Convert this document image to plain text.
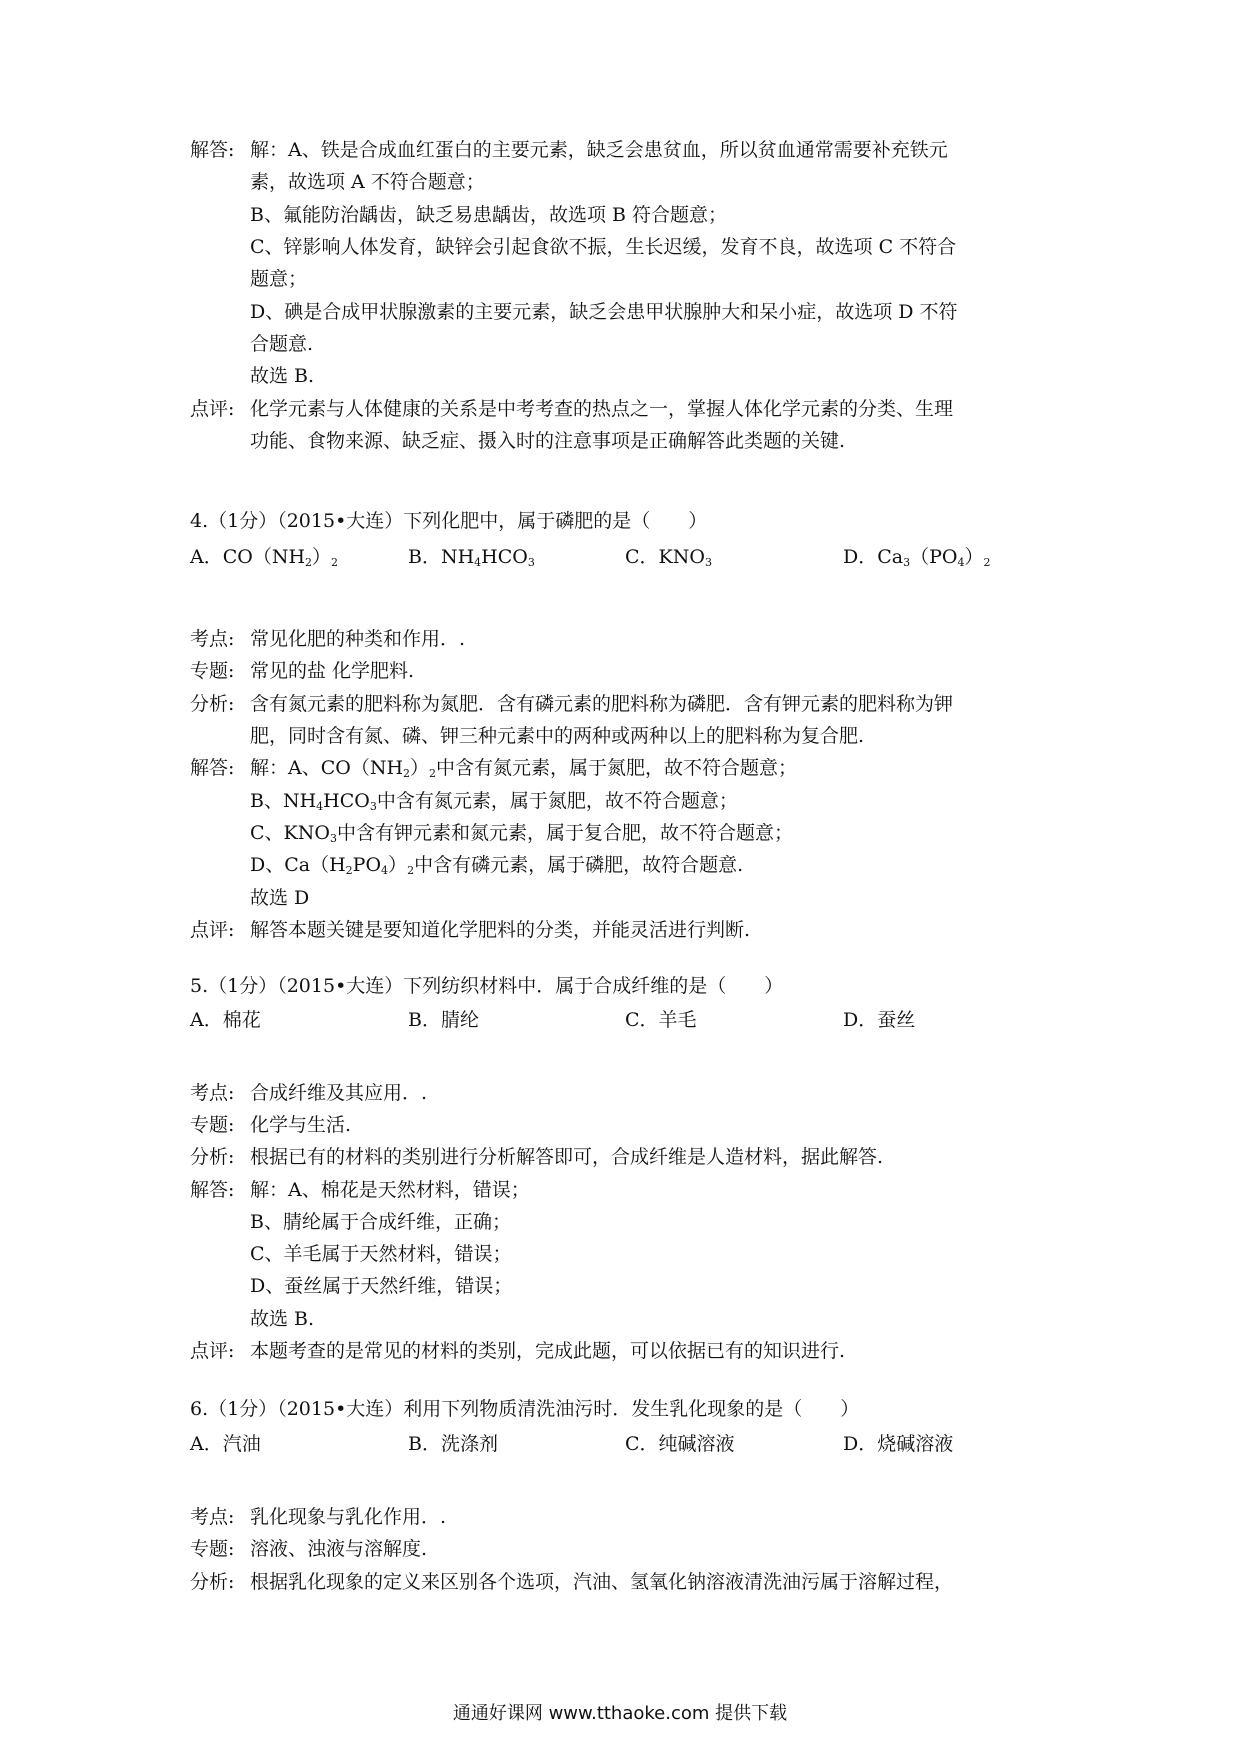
解答: 解：A、铁是合成血红蛋白的主要元素，缺乏会患贫血，所以贫血通常需要补充铁元
素，故选项 A 不符合题意；
B、氟能防治龋齿，缺乏易患龋齿，故选项 B 符合题意；
C、锌影响人体发育，缺锌会引起食欲不振，生长迟缓，发育不良，故选项 C 不符合
题意；
D、碘是合成甲状腺激素的主要元素，缺乏会患甲状腺肿大和呆小症，故选项 D 不符
合题意.
故选 B.
点评: 化学元素与人体健康的关系是中考考查的热点之一，掌握人体化学元素的分类、生理
功能、食物来源、缺乏症、摄入时的注意事项是正确解答此类题的关键.
4.（1分）（2015•大连）下列化肥中，属于磷肥的是（　　）
A．$CO(NH_2)_2$	B．$NH_4HCO_3$	C．$KNO_3$	D．$Ca_3(PO_4)_2$
考点: 常见化肥的种类和作用．.
专题: 常见的盐 化学肥料.
分析: 含有氮元素的肥料称为氮肥．含有磷元素的肥料称为磷肥．含有钾元素的肥料称为钾
肥，同时含有氮、磷、钾三种元素中的两种或两种以上的肥料称为复合肥.
解答: 解：A、$CO(NH_2)_2$中含有氮元素，属于氮肥，故不符合题意；
B、$NH_4HCO_3$中含有氮元素，属于氮肥，故不符合题意；
C、$KNO_3$中含有钾元素和氮元素，属于复合肥，故不符合题意；
D、$Ca(H_2PO_4)_2$中含有磷元素，属于磷肥，故符合题意.
故选 D
点评: 解答本题关键是要知道化学肥料的分类，并能灵活进行判断.
5.（1分）（2015•大连）下列纺织材料中．属于合成纤维的是（　　）
A．棉花	B．腈纶	C．羊毛	D．蚕丝
考点: 合成纤维及其应用．.
专题: 化学与生活.
分析: 根据已有的材料的类别进行分析解答即可，合成纤维是人造材料，据此解答.
解答: 解：A、棉花是天然材料，错误；
B、腈纶属于合成纤维，正确；
C、羊毛属于天然材料，错误；
D、蚕丝属于天然纤维，错误；
故选 B.
点评: 本题考查的是常见的材料的类别，完成此题，可以依据已有的知识进行.
6.（1分）（2015•大连）利用下列物质清洗油污时．发生乳化现象的是（　　）
A．汽油	B．洗涤剂	C．纯碱溶液	D．烧碱溶液
考点: 乳化现象与乳化作用．.
专题: 溶液、浊液与溶解度.
分析: 根据乳化现象的定义来区别各个选项，汽油、氢氧化钠溶液清洗油污属于溶解过程，
通通好课网 www.tthaoke.com 提供下载
